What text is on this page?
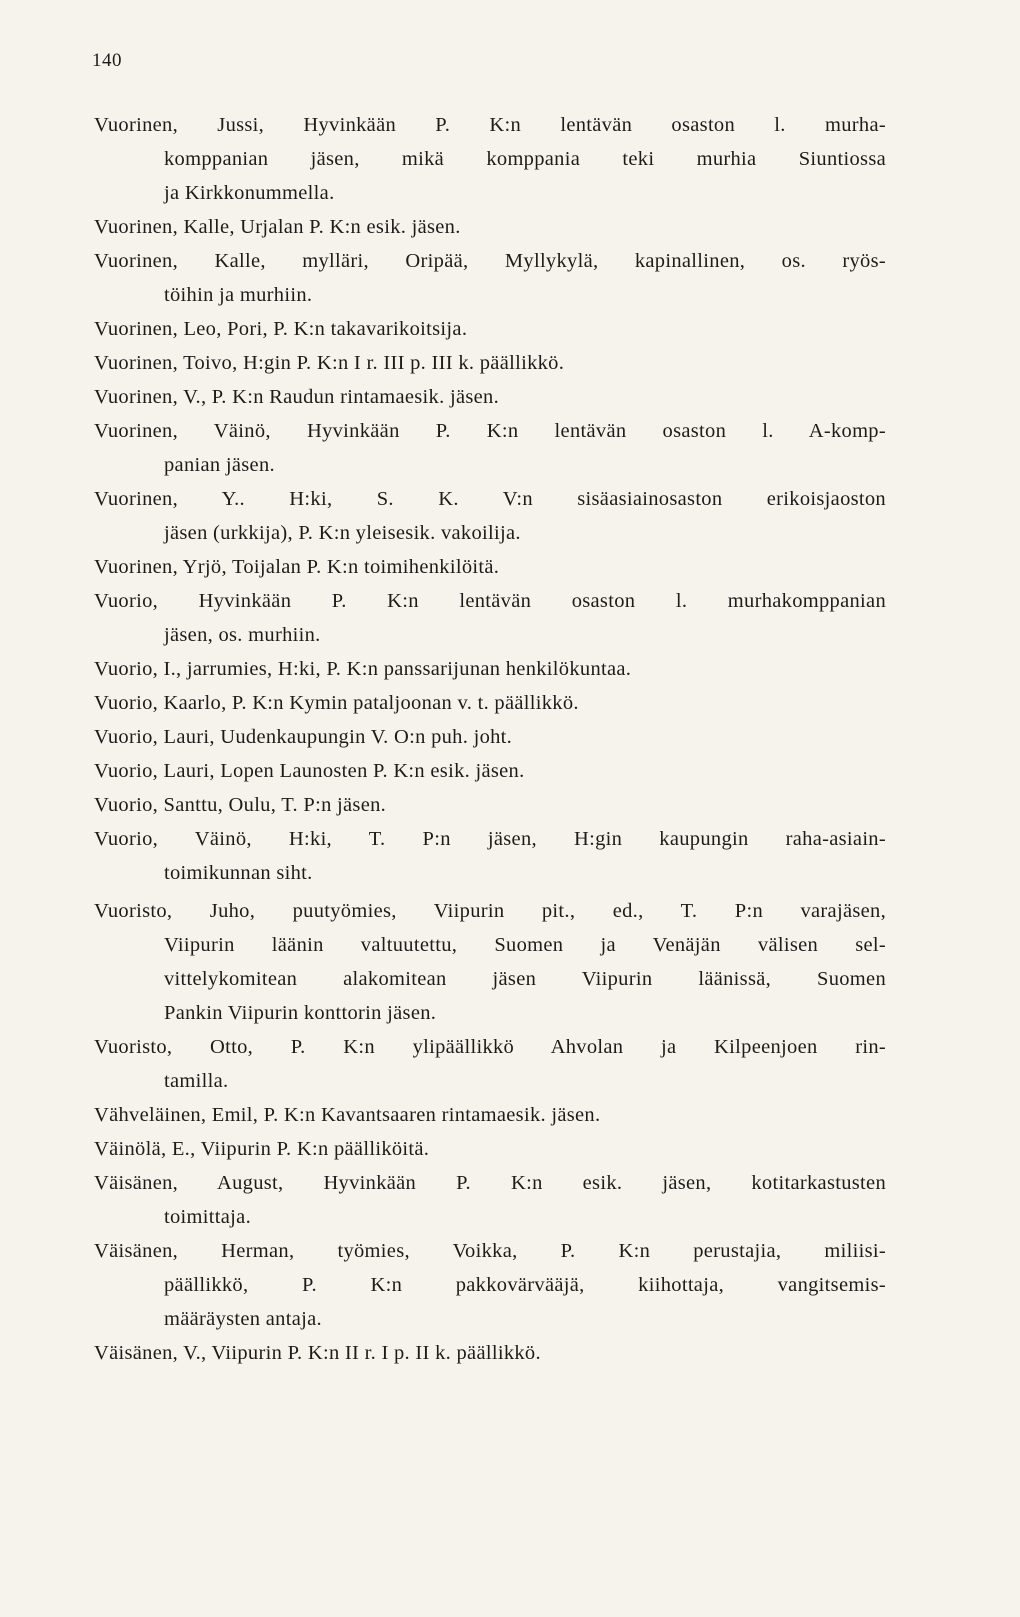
140
Vuorinen, Jussi, Hyvinkään P. K:n lentävän osaston l. murha-
komppanian jäsen, mikä komppania teki murhia Siuntiossa
ja Kirkkonummella.
Vuorinen, Kalle, Urjalan P. K:n esik. jäsen.
Vuorinen, Kalle, mylläri, Oripää, Myllykylä, kapinallinen, os. ryös-
töihin ja murhiin.
Vuorinen, Leo, Pori, P. K:n takavarikoitsija.
Vuorinen, Toivo, H:gin P. K:n I r. III p. III k. päällikkö.
Vuorinen, V., P. K:n Raudun rintamaesik. jäsen.
Vuorinen, Väinö, Hyvinkään P. K:n lentävän osaston l. A-komp-
panian jäsen.
Vuorinen, Y.. H:ki, S. K. V:n sisäasiainosaston erikoisjaoston
jäsen (urkkija), P. K:n yleisesik. vakoilija.
Vuorinen, Yrjö, Toijalan P. K:n toimihenkilöitä.
Vuorio, Hyvinkään P. K:n lentävän osaston l. murhakomppanian
jäsen, os. murhiin.
Vuorio, I., jarrumies, H:ki, P. K:n panssarijunan henkilökuntaa.
Vuorio, Kaarlo, P. K:n Kymin pataljoonan v. t. päällikkö.
Vuorio, Lauri, Uudenkaupungin V. O:n puh. joht.
Vuorio, Lauri, Lopen Launosten P. K:n esik. jäsen.
Vuorio, Santtu, Oulu, T. P:n jäsen.
Vuorio, Väinö, H:ki, T. P:n jäsen, H:gin kaupungin raha-asiain-
toimikunnan siht.
Vuoristo, Juho, puutyömies, Viipurin pit., ed., T. P:n varajäsen,
Viipurin läänin valtuutettu, Suomen ja Venäjän välisen sel-
vittelykomitean alakomitean jäsen Viipurin läänissä, Suomen
Pankin Viipurin konttorin jäsen.
Vuoristo, Otto, P. K:n ylipäällikkö Ahvolan ja Kilpeenjoen rin-
tamilla.
Vähveläinen, Emil, P. K:n Kavantsaaren rintamaesik. jäsen.
Väinölä, E., Viipurin P. K:n päälliköitä.
Väisänen, August, Hyvinkään P. K:n esik. jäsen, kotitarkastusten
toimittaja.
Väisänen, Herman, työmies, Voikka, P. K:n perustajia, miliisi-
päällikkö, P. K:n pakkovärvääjä, kiihottaja, vangitsemis-
määräysten antaja.
Väisänen, V., Viipurin P. K:n II r. I p. II k. päällikkö.
